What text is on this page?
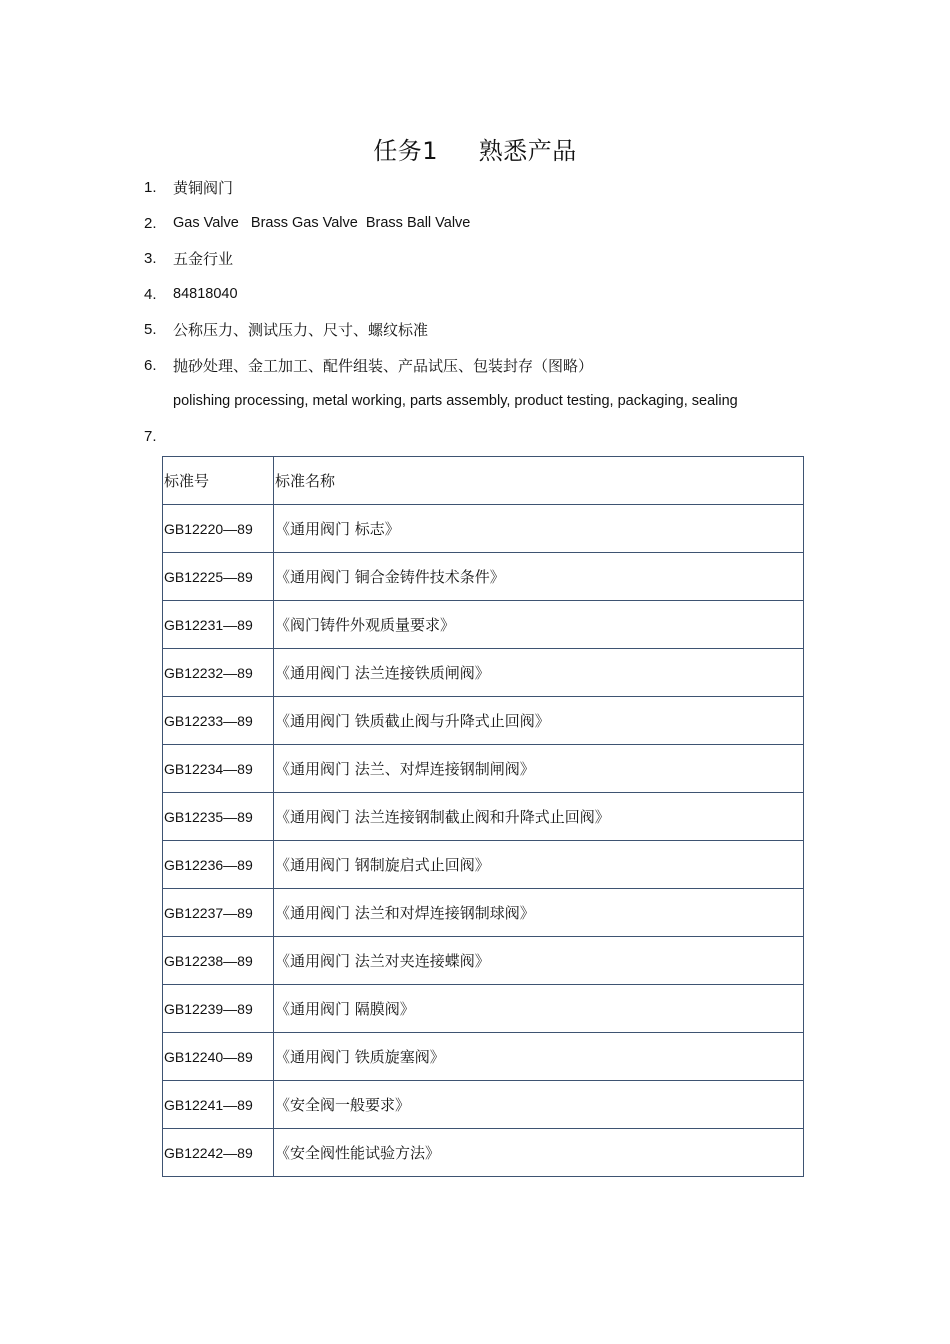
任务1     熟悉产品
1.	黄铜阀门
2.	Gas Valve   Brass Gas Valve  Brass Ball Valve
3.	五金行业
4.	84818040
5.	公称压力、测试压力、尺寸、螺纹标准
6.	抛砂处理、金工加工、配件组装、产品试压、包装封存（图略）
polishing processing, metal working, parts assembly, product testing, packaging, sealing
7.
标准号	标准名称
GB12220—89	《通用阀门 标志》
GB12225—89	《通用阀门 铜合金铸件技术条件》
GB12231—89	《阀门铸件外观质量要求》
GB12232—89	《通用阀门 法兰连接铁质闸阀》
GB12233—89	《通用阀门 铁质截止阀与升降式止回阀》
GB12234—89	《通用阀门 法兰、对焊连接钢制闸阀》
GB12235—89	《通用阀门 法兰连接钢制截止阀和升降式止回阀》
GB12236—89	《通用阀门 钢制旋启式止回阀》
GB12237—89	《通用阀门 法兰和对焊连接钢制球阀》
GB12238—89	《通用阀门 法兰对夹连接蝶阀》
GB12239—89	《通用阀门 隔膜阀》
GB12240—89	《通用阀门 铁质旋塞阀》
GB12241—89	《安全阀一般要求》
GB12242—89	《安全阀性能试验方法》
